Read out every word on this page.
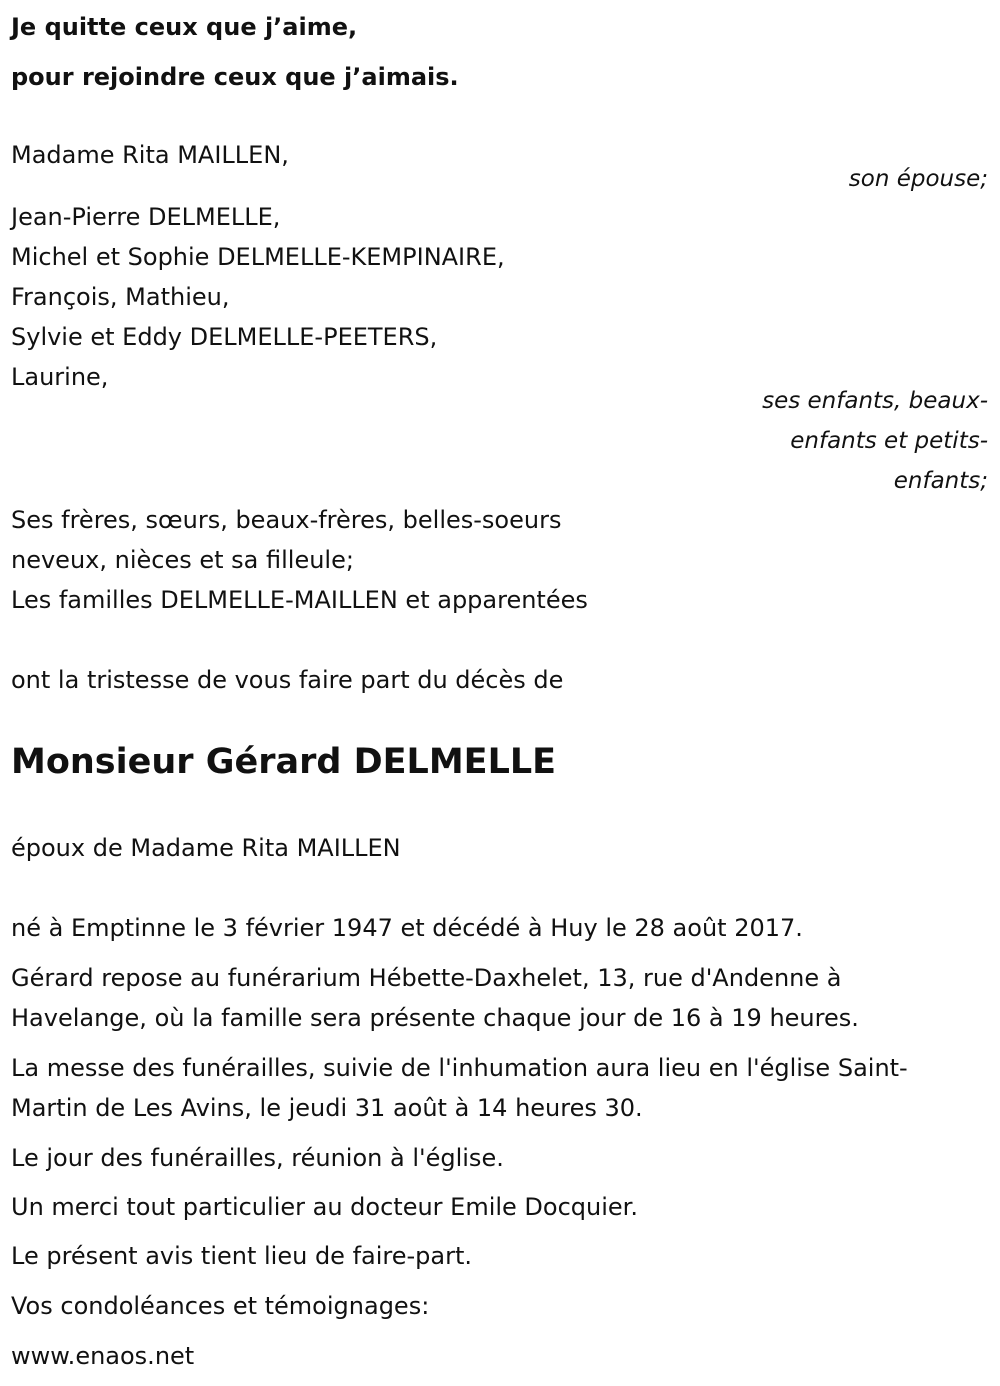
Je quitte ceux que j’aime,
pour rejoindre ceux que j’aimais.
Madame Rita MAILLEN,
son épouse;
Jean-Pierre DELMELLE,
Michel et Sophie DELMELLE-KEMPINAIRE,
François, Mathieu,
Sylvie et Eddy DELMELLE-PEETERS,
Laurine,
ses enfants, beaux-
enfants et petits-
enfants;
Ses frères, sœurs, beaux-frères, belles-soeurs
neveux, nièces et sa filleule;
Les familles DELMELLE-MAILLEN et apparentées
ont la tristesse de vous faire part du décès de
Monsieur Gérard DELMELLE
époux de Madame Rita MAILLEN
né à Emptinne le 3 février 1947 et décédé à Huy le 28 août 2017.
Gérard repose au funérarium Hébette-Daxhelet, 13, rue d'Andenne à
Havelange, où la famille sera présente chaque jour de 16 à 19 heures.
La messe des funérailles, suivie de l'inhumation aura lieu en l'église Saint-
Martin de Les Avins, le jeudi 31 août à 14 heures 30.
Le jour des funérailles, réunion à l'église.
Un merci tout particulier au docteur Emile Docquier.
Le présent avis tient lieu de faire-part.
Vos condoléances et témoignages:
www.enaos.net
